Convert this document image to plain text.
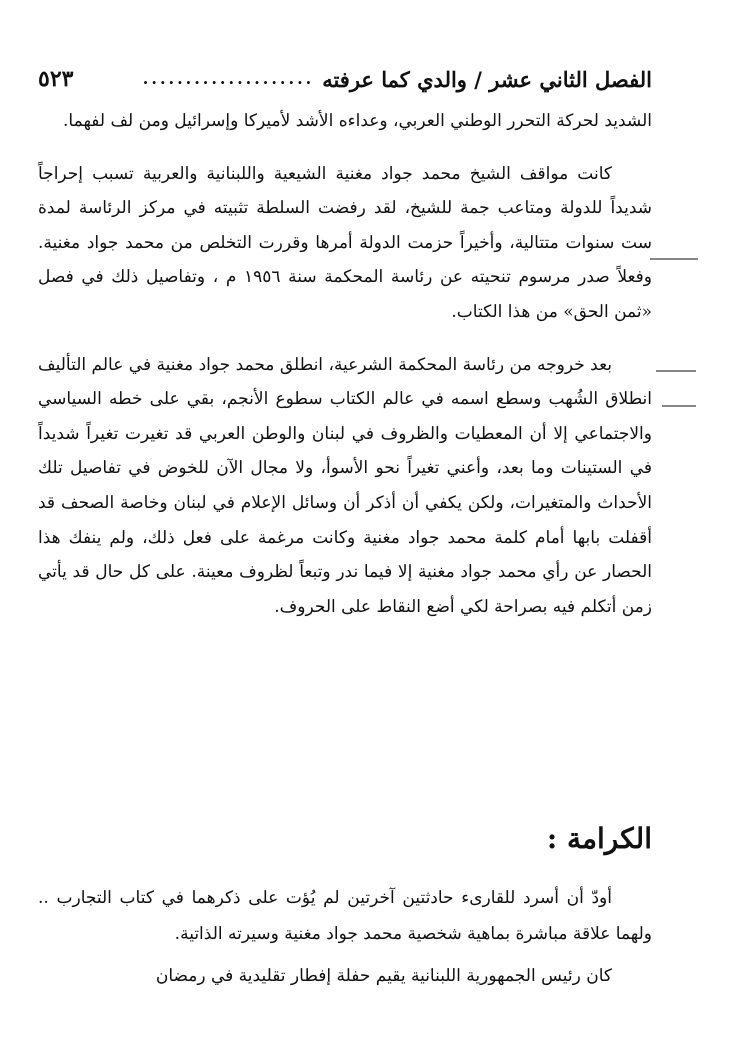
الفصل الثاني عشر / والدي كما عرفته
....................
٥٢٣

الشديد لحركة التحرر الوطني العربي، وعداءه الأشد لأميركا وإسرائيل ومن لف لفهما.

كانت مواقف الشيخ محمد جواد مغنية الشيعية واللبنانية والعربية تسبب إحراجاً شديداً للدولة ومتاعب جمة للشيخ، لقد رفضت السلطة تثبيته في مركز الرئاسة لمدة ست سنوات متتالية، وأخيراً حزمت الدولة أمرها وقررت التخلص من محمد جواد مغنية. وفعلاً صدر مرسوم تنحيته عن رئاسة المحكمة سنة ١٩٥٦ م ، وتفاصيل ذلك في فصل «ثمن الحق» من هذا الكتاب.

بعد خروجه من رئاسة المحكمة الشرعية، انطلق محمد جواد مغنية في عالم التأليف انطلاق الشُهب وسطع اسمه في عالم الكتاب سطوع الأنجم، بقي على خطه السياسي والاجتماعي إلا أن المعطيات والظروف في لبنان والوطن العربي قد تغيرت تغيراً شديداً في الستينات وما بعد، وأعني تغيراً نحو الأسوأ، ولا مجال الآن للخوض في تفاصيل تلك الأحداث والمتغيرات، ولكن يكفي أن أذكر أن وسائل الإعلام في لبنان وخاصة الصحف قد أقفلت بابها أمام كلمة محمد جواد مغنية وكانت مرغمة على فعل ذلك، ولم ينفك هذا الحصار عن رأي محمد جواد مغنية إلا فيما ندر وتبعاً لظروف معينة. على كل حال قد يأتي زمن أتكلم فيه بصراحة لكي أضع النقاط على الحروف.

الكرامة :

أودّ أن أسرد للقارىء حادثتين آخرتين لم يُؤت على ذكرهما في كتاب التجارب .. ولهما علاقة مباشرة بماهية شخصية محمد جواد مغنية وسيرته الذاتية.

كان رئيس الجمهورية اللبنانية يقيم حفلة إفطار تقليدية في رمضان
